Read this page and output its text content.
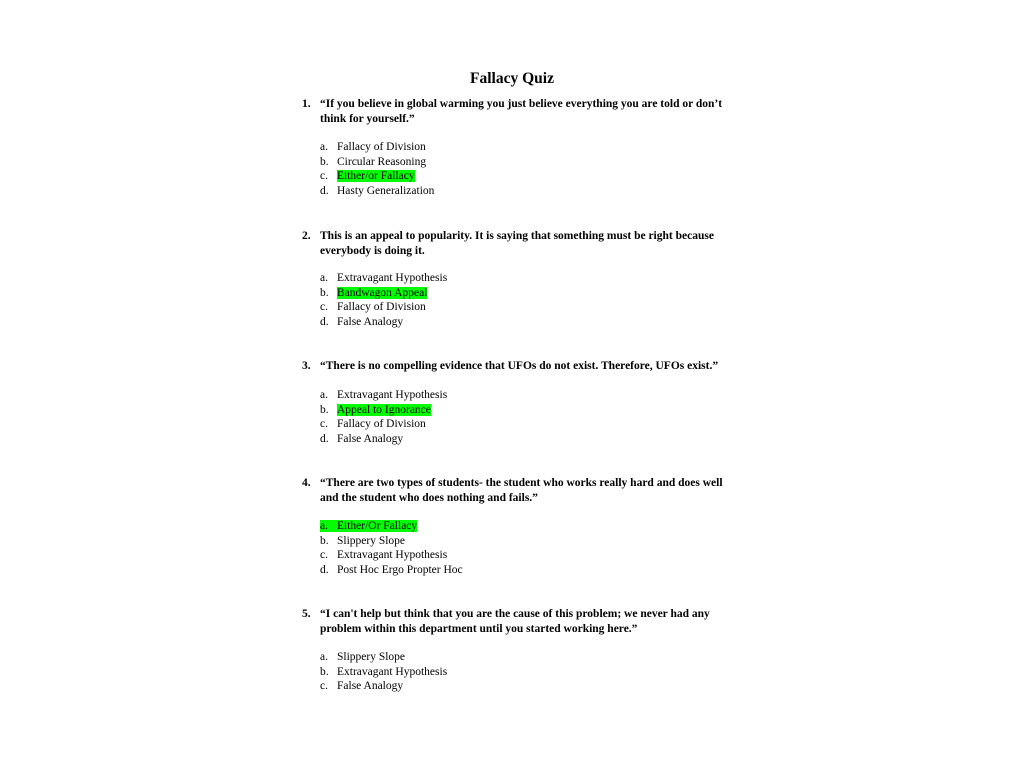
Fallacy Quiz
1. “If you believe in global warming you just believe everything you are told or don’t think for yourself.”
a. Fallacy of Division
b. Circular Reasoning
c. Either/or Fallacy
d. Hasty Generalization
2. This is an appeal to popularity. It is saying that something must be right because everybody is doing it.
a. Extravagant Hypothesis
b. Bandwagon Appeal
c. Fallacy of Division
d. False Analogy
3. “There is no compelling evidence that UFOs do not exist. Therefore, UFOs exist.”
a. Extravagant Hypothesis
b. Appeal to Ignorance
c. Fallacy of Division
d. False Analogy
4. “There are two types of students- the student who works really hard and does well and the student who does nothing and fails.”
a. Either/Or Fallacy
b. Slippery Slope
c. Extravagant Hypothesis
d. Post Hoc Ergo Propter Hoc
5. “I can't help but think that you are the cause of this problem; we never had any problem within this department until you started working here.”
a. Slippery Slope
b. Extravagant Hypothesis
c. False Analogy
